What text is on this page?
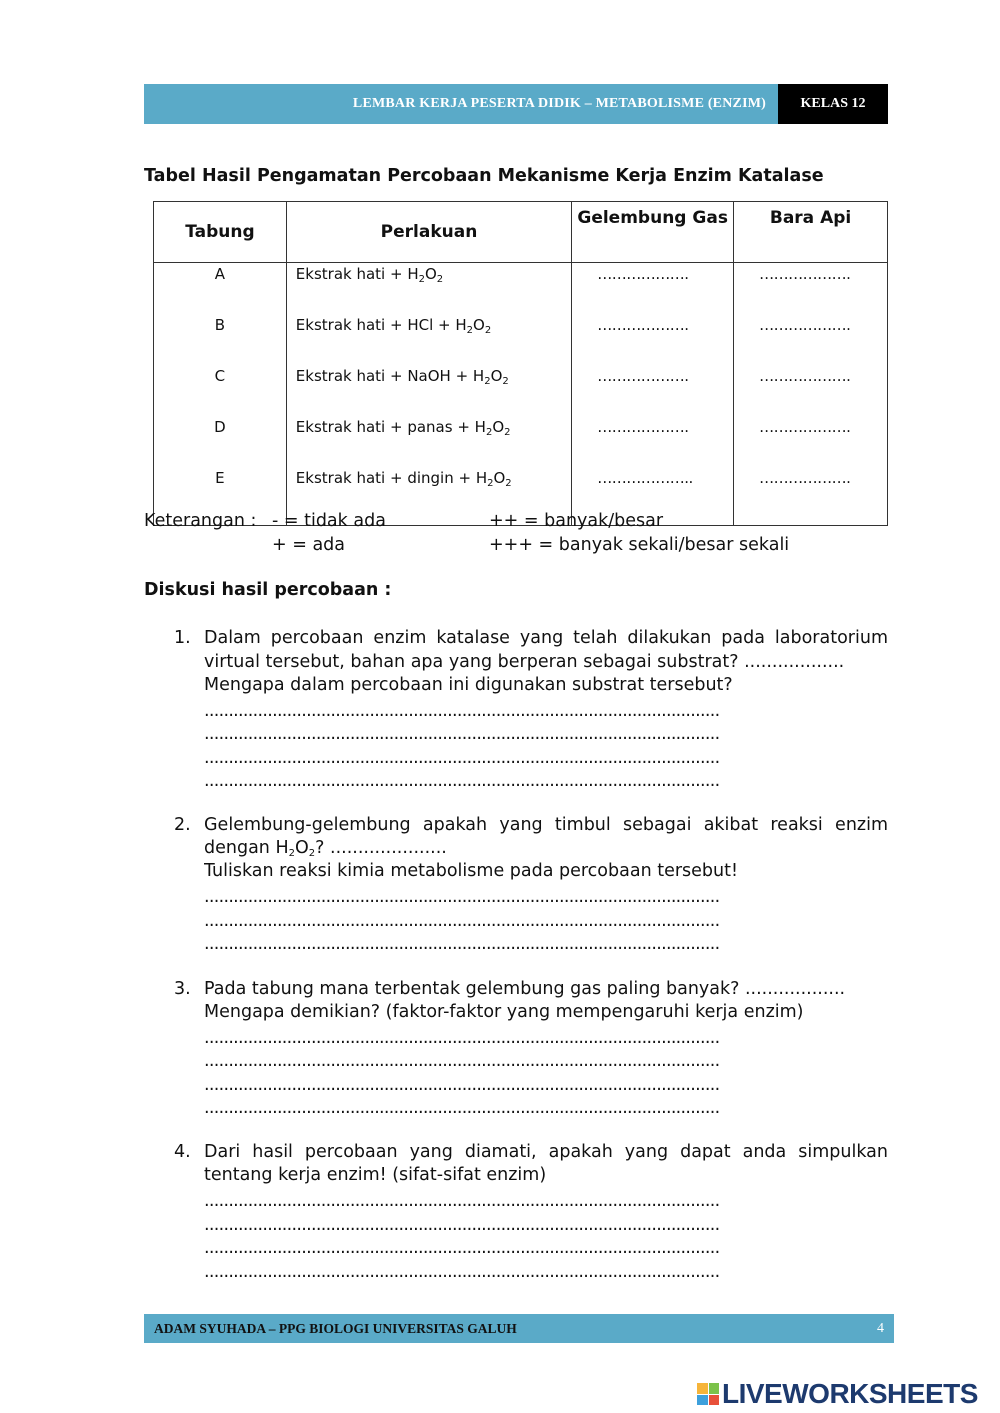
LEMBAR KERJA PESERTA DIDIK – METABOLISME (ENZIM)	KELAS 12
Tabel Hasil Pengamatan Percobaan Mekanisme Kerja Enzim Katalase
Tabung	Perlakuan	Gelembung Gas	Bara Api
A	Ekstrak hati + $H_2O_2$	……………….	……………….
B	Ekstrak hati + HCl + $H_2O_2$	……………….	……………….
C	Ekstrak hati + NaOH + $H_2O_2$	……………….	……………….
D	Ekstrak hati + panas + $H_2O_2$	……………….	……………….
E	Ekstrak hati + dingin + $H_2O_2$	………………..	……………….
Keterangan : - = tidak ada
+ = ada
++ = banyak/besar
+++ = banyak sekali/besar sekali
Diskusi hasil percobaan :
1. Dalam percobaan enzim katalase yang telah dilakukan pada laboratorium
virtual tersebut, bahan apa yang berperan sebagai substrat? ..................
Mengapa dalam percobaan ini digunakan substrat tersebut?
..........................................................................................................
..........................................................................................................
..........................................................................................................
..........................................................................................................
2. Gelembung-gelembung apakah yang timbul sebagai akibat reaksi enzim
dengan $H_2O_2$? .....................
Tuliskan reaksi kimia metabolisme pada percobaan tersebut!
..........................................................................................................
..........................................................................................................
..........................................................................................................
3. Pada tabung mana terbentak gelembung gas paling banyak? ..................
Mengapa demikian? (faktor-faktor yang mempengaruhi kerja enzim)
..........................................................................................................
..........................................................................................................
..........................................................................................................
..........................................................................................................
4. Dari hasil percobaan yang diamati, apakah yang dapat anda simpulkan
tentang kerja enzim! (sifat-sifat enzim)
..........................................................................................................
..........................................................................................................
..........................................................................................................
..........................................................................................................
ADAM SYUHADA – PPG BIOLOGI UNIVERSITAS GALUH	4
LIVEWORKSHEETS
